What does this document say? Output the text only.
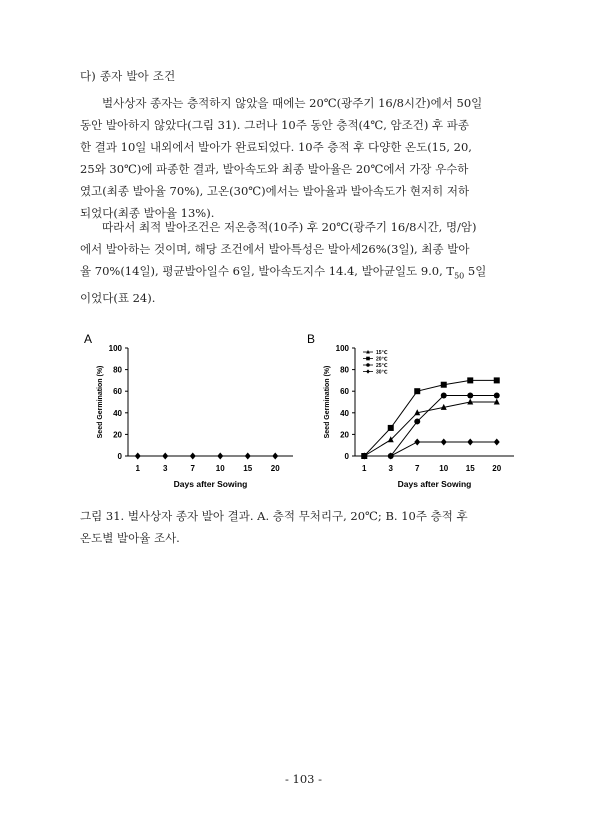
다) 종자 발아 조건

벌사상자 종자는 층적하지 않았을 때에는 20℃(광주기 16/8시간)에서 50일
동안 발아하지 않았다(그림 31). 그러나 10주 동안 층적(4℃, 암조건) 후 파종
한 결과 10일 내외에서 발아가 완료되었다. 10주 층적 후 다양한 온도(15, 20,
25와 30℃)에 파종한 결과, 발아속도와 최종 발아율은 20℃에서 가장 우수하
였고(최종 발아율 70%), 고온(30℃)에서는 발아율과 발아속도가 현저히 저하
되었다(최종 발아율 13%).

따라서 최적 발아조건은 저온층적(10주) 후 20℃(광주기 16/8시간, 명/암)
에서 발아하는 것이며, 해당 조건에서 발아특성은 발아세26%(3일), 최종 발아
율 70%(14일), 평균발아일수 6일, 발아속도지수 14.4, 발아균일도 9.0, $T_{50}$ 5일
이었다(표 24).

A
0
20
40
60
80
100
1	3	7	10 15 20
Days after Sowing
Seed Germination (%)
B
0
20
40
60
80
100
1	3	7 10 15 20
Days after Sowing
Seed Germination (%)
15℃
20℃
25℃
30℃

그림 31. 벌사상자 종자 발아 결과. A. 층적 무처리구, 20℃; B. 10주 층적 후
온도별 발아율 조사.

- 103 -
